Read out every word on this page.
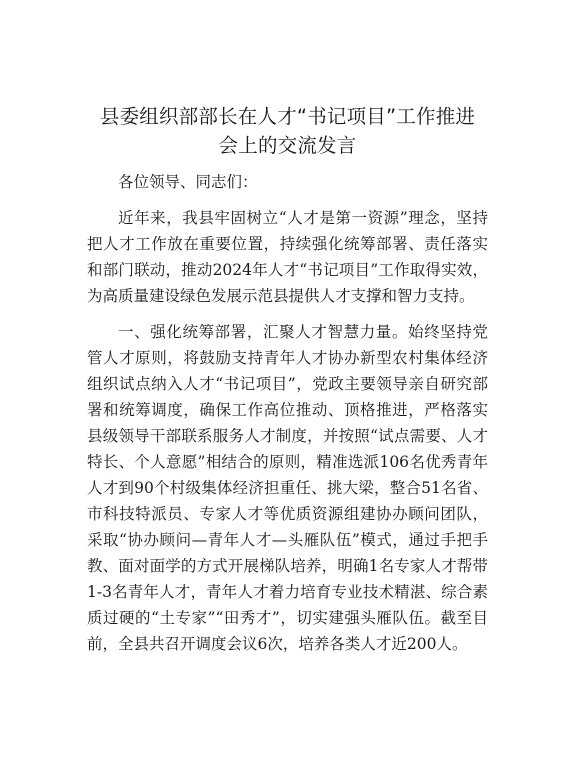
县委组织部部长在人才“书记项目”工作推进
会上的交流发言

各位领导、同志们：

近年来，我县牢固树立“人才是第一资源”理念，坚持把人才工作放在重要位置，持续强化统筹部署、责任落实和部门联动，推动2024年人才“书记项目”工作取得实效，为高质量建设绿色发展示范县提供人才支撑和智力支持。

一、强化统筹部署，汇聚人才智慧力量。始终坚持党管人才原则，将鼓励支持青年人才协办新型农村集体经济组织试点纳入人才“书记项目”，党政主要领导亲自研究部署和统筹调度，确保工作高位推动、顶格推进，严格落实县级领导干部联系服务人才制度，并按照“试点需要、人才特长、个人意愿”相结合的原则，精准选派106名优秀青年人才到90个村级集体经济担重任、挑大梁，整合51名省、市科技特派员、专家人才等优质资源组建协办顾问团队，采取“协办顾问—青年人才—头雁队伍”模式，通过手把手教、面对面学的方式开展梯队培养，明确1名专家人才帮带1-3名青年人才，青年人才着力培育专业技术精湛、综合素质过硬的“土专家”“田秀才”，切实建强头雁队伍。截至目前，全县共召开调度会议6次，培养各类人才近200人。
